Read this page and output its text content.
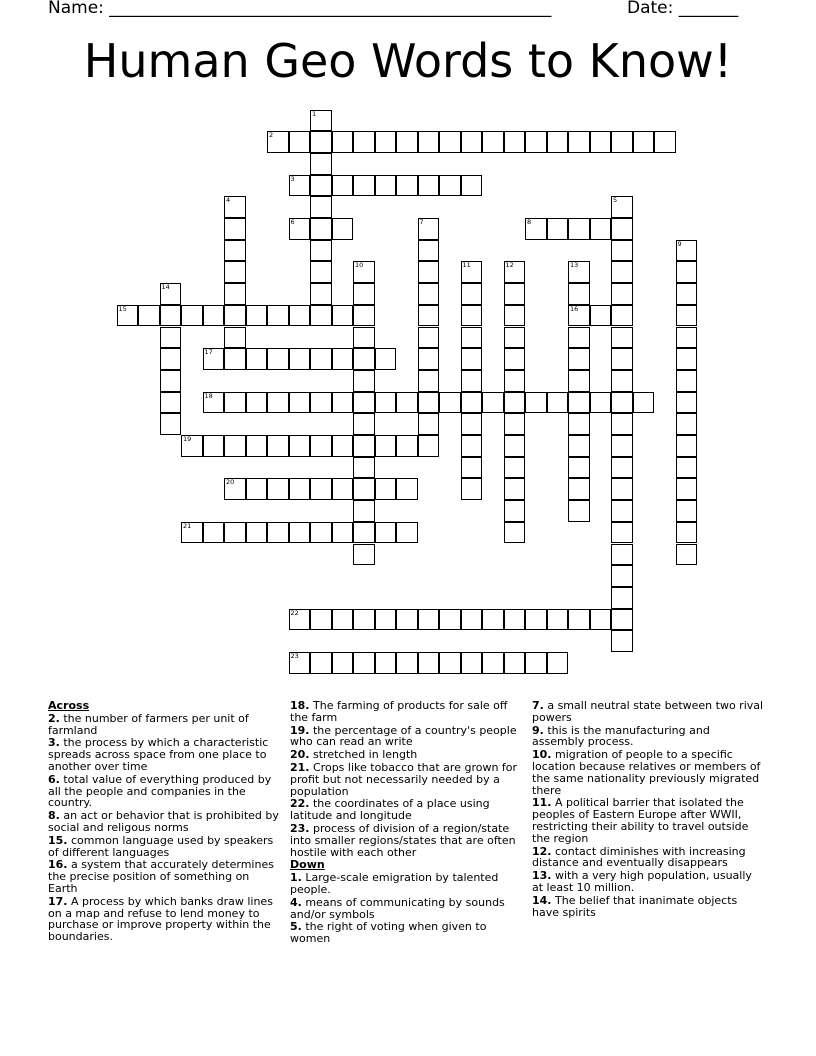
Name: ____________________________________________________	Date: _______
Human Geo Words to Know!
2
3
6	8
15	16
17
18
19
20
21
22
23
1
4	5
7
9
10	11	12	13
14
Across
2. the number of farmers per unit of farmland
3. the process by which a characteristic spreads across space from one place to another over time
6. total value of everything produced by all the people and companies in the country.
8. an act or behavior that is prohibited by social and religous norms
15. common language used by speakers of different languages
16. a system that accurately determines the precise position of something on Earth
17. A process by which banks draw lines on a map and refuse to lend money to purchase or improve property within the boundaries.
18. The farming of products for sale off the farm
19. the percentage of a country's people who can read an write
20. stretched in length
21. Crops like tobacco that are grown for profit but not necessarily needed by a population
22. the coordinates of a place using latitude and longitude
23. process of division of a region/state into smaller regions/states that are often hostile with each other
Down
1. Large-scale emigration by talented people.
4. means of communicating by sounds and/or symbols
5. the right of voting when given to women
7. a small neutral state between two rival powers
9. this is the manufacturing and assembly process.
10. migration of people to a specific location because relatives or members of the same nationality previously migrated there
11. A political barrier that isolated the peoples of Eastern Europe after WWII, restricting their ability to travel outside the region
12. contact diminishes with increasing distance and eventually disappears
13. with a very high population, usually at least 10 million.
14. The belief that inanimate objects have spirits
